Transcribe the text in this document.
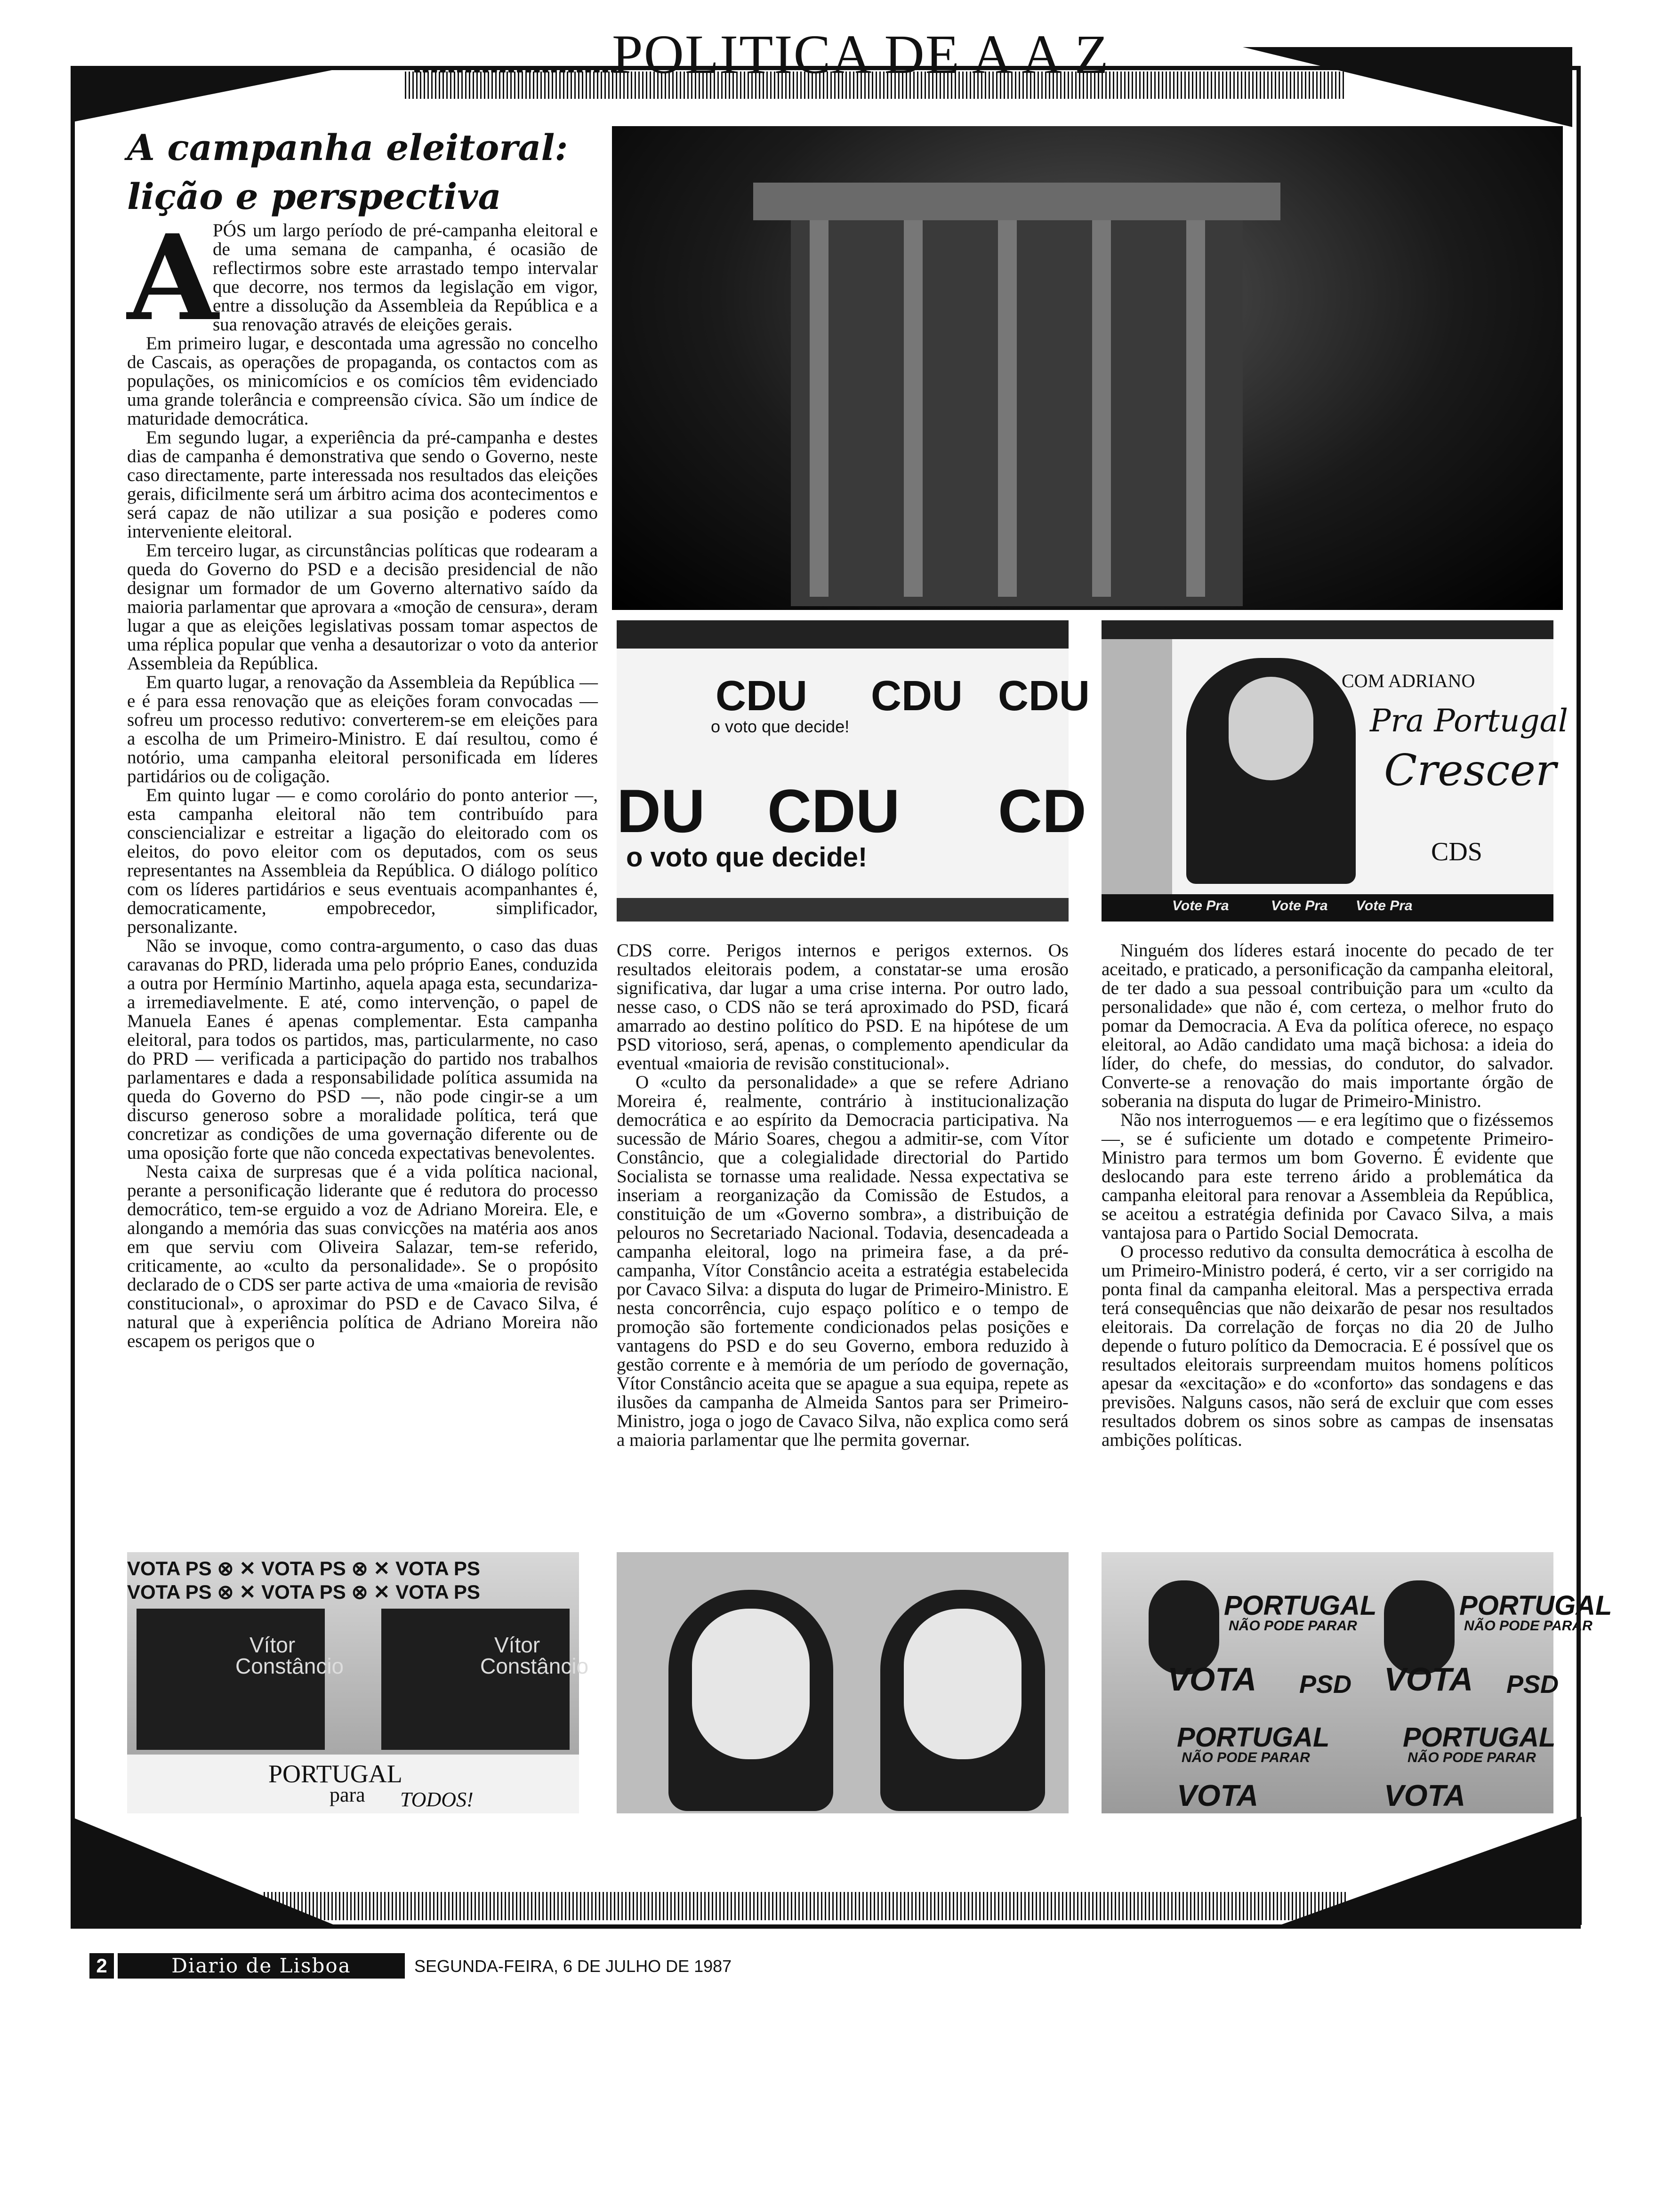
POLITICA DE A A Z
A campanha eleitoral:
lição e perspectiva
A

PÓS um largo período de pré-campanha eleitoral e de uma semana de campanha, é ocasião de reflectirmos sobre este arrastado tempo intervalar que decorre, nos termos da legislação em vigor, entre a dissolução da Assembleia da República e a sua renovação através de eleições gerais.

Em primeiro lugar, e descontada uma agressão no concelho de Cascais, as operações de propaganda, os contactos com as populações, os minicomícios e os comícios têm evidenciado uma grande tolerância e compreensão cívica. São um índice de maturidade democrática.

Em segundo lugar, a experiência da pré-campanha e destes dias de campanha é demonstrativa que sendo o Governo, neste caso directamente, parte interessada nos resultados das eleições gerais, dificilmente será um árbitro acima dos acontecimentos e será capaz de não utilizar a sua posição e poderes como interveniente eleitoral.

Em terceiro lugar, as circunstâncias políticas que rodearam a queda do Governo do PSD e a decisão presidencial de não designar um formador de um Governo alternativo saído da maioria parlamentar que aprovara a «moção de censura», deram lugar a que as eleições legislativas possam tomar aspectos de uma réplica popular que venha a desautorizar o voto da anterior Assembleia da República.

Em quarto lugar, a renovação da Assembleia da República — e é para essa renovação que as eleições foram convocadas — sofreu um processo redutivo: converterem-se em eleições para a escolha de um Primeiro-Ministro. E daí resultou, como é notório, uma campanha eleitoral personificada em líderes partidários ou de coligação.

Em quinto lugar — e como corolário do ponto anterior —, esta campanha eleitoral não tem contribuído para consciencializar e estreitar a ligação do eleitorado com os eleitos, do povo eleitor com os deputados, com os seus representantes na Assembleia da República. O diálogo político com os líderes partidários e seus eventuais acompanhantes é, democraticamente, empobrecedor, simplificador, personalizante.

Não se invoque, como contra-argumento, o caso das duas caravanas do PRD, liderada uma pelo próprio Eanes, conduzida a outra por Hermínio Martinho, aquela apaga esta, secundariza-a irremediavelmente. E até, como intervenção, o papel de Manuela Eanes é apenas complementar. Esta campanha eleitoral, para todos os partidos, mas, particularmente, no caso do PRD — verificada a participação do partido nos trabalhos parlamentares e dada a responsabilidade política assumida na queda do Governo do PSD —, não pode cingir-se a um discurso generoso sobre a moralidade política, terá que concretizar as condições de uma governação diferente ou de uma oposição forte que não conceda expectativas benevolentes.

Nesta caixa de surpresas que é a vida política nacional, perante a personificação liderante que é redutora do processo democrático, tem-se erguido a voz de Adriano Moreira. Ele, e alongando a memória das suas convicções na matéria aos anos em que serviu com Oliveira Salazar, tem-se referido, criticamente, ao «culto da personalidade». Se o propósito declarado de o CDS ser parte activa de uma «maioria de revisão constitucional», o aproximar do PSD e de Cavaco Silva, é natural que à experiência política de Adriano Moreira não escapem os perigos que o

CDU CDU CDU
o voto que decide!
DU CDU CD
o voto que decide!
COM ADRIANO
Pra Portugal
Crescer
CDS
Vote Pra	Vote Pra Vote Pra

CDS corre. Perigos internos e perigos externos. Os resultados eleitorais podem, a constatar-se uma erosão significativa, dar lugar a uma crise interna. Por outro lado, nesse caso, o CDS não se terá aproximado do PSD, ficará amarrado ao destino político do PSD. E na hipótese de um PSD vitorioso, será, apenas, o complemento apendicular da eventual «maioria de revisão constitucional».

O «culto da personalidade» a que se refere Adriano Moreira é, realmente, contrário à institucionalização democrática e ao espírito da Democracia participativa. Na sucessão de Mário Soares, chegou a admitir-se, com Vítor Constâncio, que a colegialidade directorial do Partido Socialista se tornasse uma realidade. Nessa expectativa se inseriam a reorganização da Comissão de Estudos, a constituição de um «Governo sombra», a distribuição de pelouros no Secretariado Nacional. Todavia, desencadeada a campanha eleitoral, logo na primeira fase, a da pré-campanha, Vítor Constâncio aceita a estratégia estabelecida por Cavaco Silva: a disputa do lugar de Primeiro-Ministro. E nesta concorrência, cujo espaço político e o tempo de promoção são fortemente condicionados pelas posições e vantagens do PSD e do seu Governo, embora reduzido à gestão corrente e à memória de um período de governação, Vítor Constâncio aceita que se apague a sua equipa, repete as ilusões da campanha de Almeida Santos para ser Primeiro-Ministro, joga o jogo de Cavaco Silva, não explica como será a maioria parlamentar que lhe permita governar.

Ninguém dos líderes estará inocente do pecado de ter aceitado, e praticado, a personificação da campanha eleitoral, de ter dado a sua pessoal contribuição para um «culto da personalidade» que não é, com certeza, o melhor fruto do pomar da Democracia. A Eva da política oferece, no espaço eleitoral, ao Adão candidato uma maçã bichosa: a ideia do líder, do chefe, do messias, do condutor, do salvador. Converte-se a renovação do mais importante órgão de soberania na disputa do lugar de Primeiro-Ministro.

Não nos interroguemos — e era legítimo que o fizéssemos —, se é suficiente um dotado e competente Primeiro-Ministro para termos um bom Governo. É evidente que deslocando para este terreno árido a problemática da campanha eleitoral para renovar a Assembleia da República, se aceitou a estratégia definida por Cavaco Silva, a mais vantajosa para o Partido Social Democrata.

O processo redutivo da consulta democrática à escolha de um Primeiro-Ministro poderá, é certo, vir a ser corrigido na ponta final da campanha eleitoral. Mas a perspectiva errada terá consequências que não deixarão de pesar nos resultados eleitorais. Da correlação de forças no dia 20 de Julho depende o futuro político da Democracia. E é possível que os resultados eleitorais surpreendam muitos homens políticos apesar da «excitação» e do «conforto» das sondagens e das previsões. Nalguns casos, não será de excluir que com esses resultados dobrem os sinos sobre as campas de insensatas ambições políticas.

VOTA PS ⊗ ✕ VOTA PS ⊗ ✕ VOTA PS
VOTA PS ⊗ ✕ VOTA PS ⊗ ✕ VOTA PS
Vítor
Constâncio
Vítor
Constâncio
PORTUGAL
para TODOS!
PORTUGAL
NÃO PODE PARAR
PORTUGAL
NÃO PODE PARAR
VOTA	VOTA
PSD	PSD
PORTUGAL
NÃO PODE PARAR
PORTUGAL
NÃO PODE PARAR
VOTA	VOTA
2	Diario de Lisboa	SEGUNDA-FEIRA, 6 DE JULHO DE 1987
